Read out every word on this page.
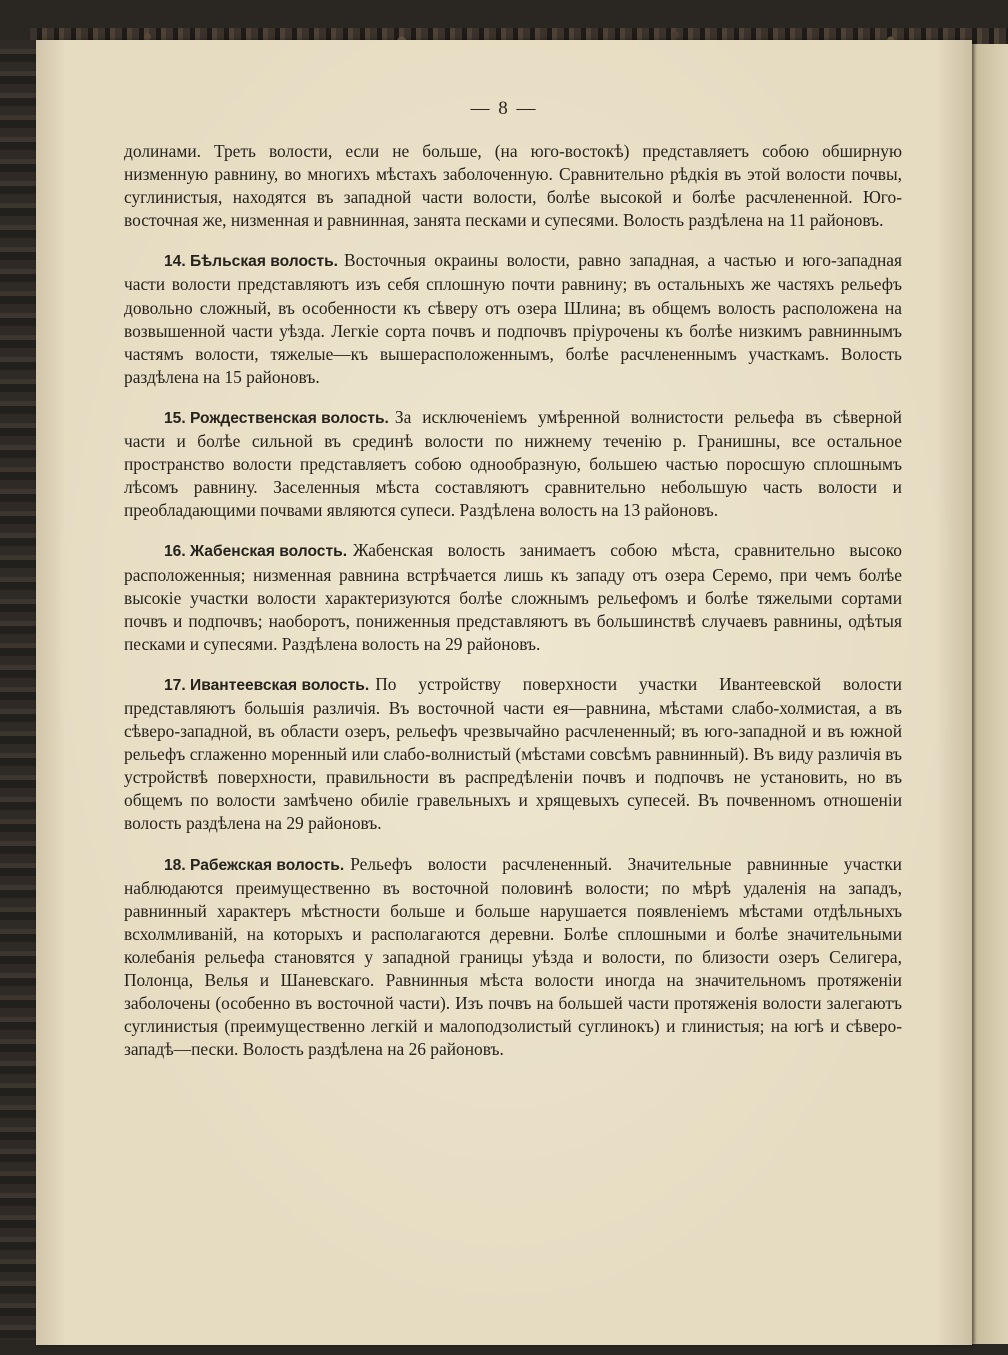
— 8 —

долинами. Треть волости, если не больше, (на юго-востокѣ) представляетъ собою обширную низменную равнину, во многихъ мѣстахъ заболоченную. Сравнительно рѣдкія въ этой волости почвы, суглинистыя, находятся въ западной части волости, болѣе высокой и болѣе расчлененной. Юго-восточная же, низменная и равнинная, занята песками и супесями. Волость раздѣлена на 11 районовъ.

14. Бѣльская волость. Восточныя окраины волости, равно западная, а частью и юго-западная части волости представляютъ изъ себя сплошную почти равнину; въ остальныхъ же частяхъ рельефъ довольно сложный, въ особенности къ сѣверу отъ озера Шлина; въ общемъ волость расположена на возвышенной части уѣзда. Легкіе сорта почвъ и подпочвъ пріурочены къ болѣе низкимъ равниннымъ частямъ волости, тяжелые—къ вышерасположеннымъ, болѣе расчлененнымъ участкамъ. Волость раздѣлена на 15 районовъ.

15. Рождественская волость. За исключеніемъ умѣренной волнистости рельефа въ сѣверной части и болѣе сильной въ срединѣ волости по нижнему теченію р. Гранишны, все остальное пространство волости представляетъ собою однообразную, большею частью поросшую сплошнымъ лѣсомъ равнину. Заселенныя мѣста составляютъ сравнительно небольшую часть волости и преобладающими почвами являются супеси. Раздѣлена волость на 13 районовъ.

16. Жабенская волость. Жабенская волость занимаетъ собою мѣста, сравнительно высоко расположенныя; низменная равнина встрѣчается лишь къ западу отъ озера Серемо, при чемъ болѣе высокіе участки волости характеризуются болѣе сложнымъ рельефомъ и болѣе тяжелыми сортами почвъ и подпочвъ; наоборотъ, пониженныя представляютъ въ большинствѣ случаевъ равнины, одѣтыя песками и супесями. Раздѣлена волость на 29 районовъ.

17. Ивантеевская волость. По устройству поверхности участки Ивантеевской волости представляютъ большія различія. Въ восточной части ея—равнина, мѣстами слабо-холмистая, а въ сѣверо-западной, въ области озеръ, рельефъ чрезвычайно расчлененный; въ юго-западной и въ южной рельефъ сглаженно моренный или слабо-волнистый (мѣстами совсѣмъ равнинный). Въ виду различія въ устройствѣ поверхности, правильности въ распредѣленіи почвъ и подпочвъ не установить, но въ общемъ по волости замѣчено обиліе гравельныхъ и хрящевыхъ супесей. Въ почвенномъ отношеніи волость раздѣлена на 29 районовъ.

18. Рабежская волость. Рельефъ волости расчлененный. Значительные равнинные участки наблюдаются преимущественно въ восточной половинѣ волости; по мѣрѣ удаленія на западъ, равнинный характеръ мѣстности больше и больше нарушается появленіемъ мѣстами отдѣльныхъ всхолмливаній, на которыхъ и располагаются деревни. Болѣе сплошными и болѣе значительными колебанія рельефа становятся у западной границы уѣзда и волости, по близости озеръ Селигера, Полонца, Велья и Шаневскаго. Равнинныя мѣста волости иногда на значительномъ протяженіи заболочены (особенно въ восточной части). Изъ почвъ на большей части протяженія волости залегаютъ суглинистыя (преимущественно легкій и малоподзолистый суглинокъ) и глинистыя; на югѣ и сѣверо-западѣ—пески. Волость раздѣлена на 26 районовъ.
